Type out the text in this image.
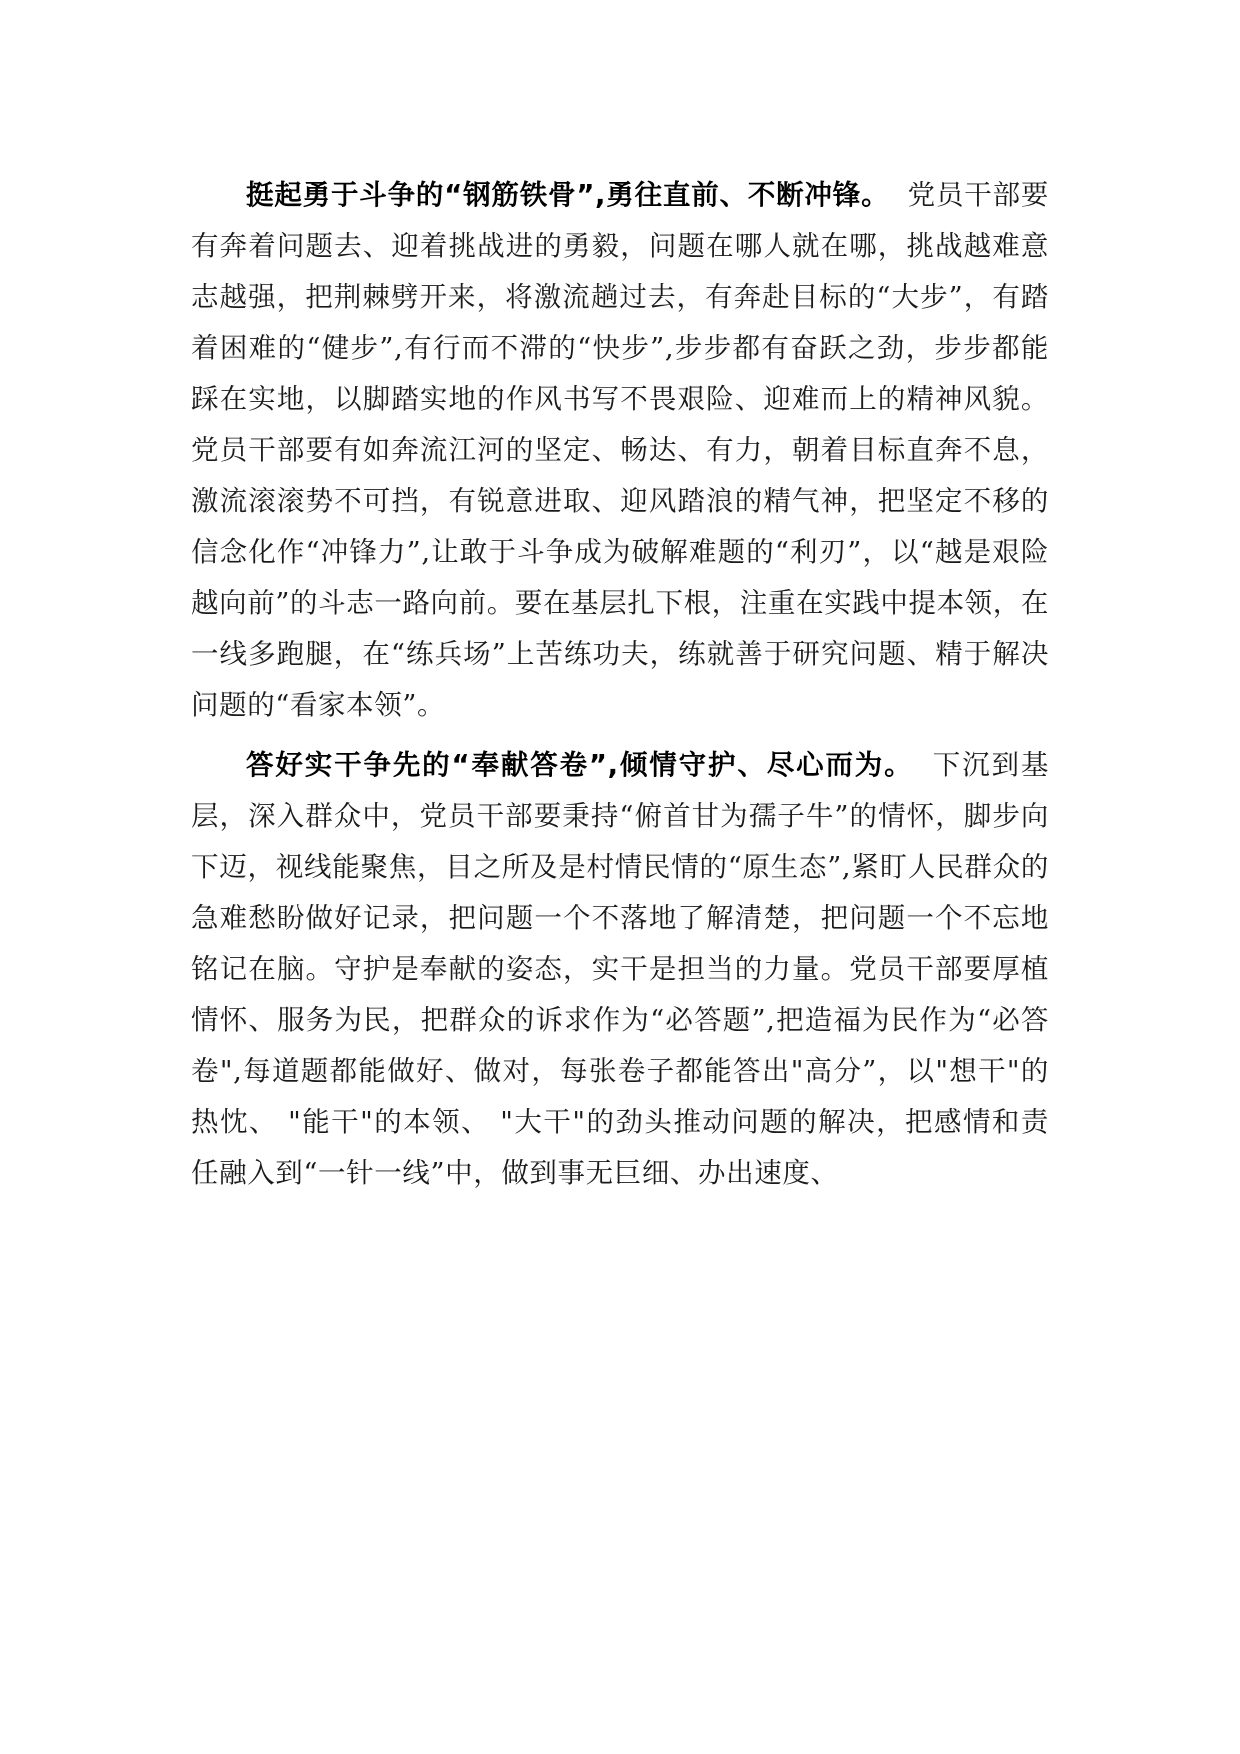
挺起勇于斗争的“钢筋铁骨”,勇往直前、不断冲锋。 党员干部要有奔着问题去、迎着挑战进的勇毅，问题在哪人就在哪，挑战越难意志越强，把荆棘劈开来，将激流趟过去，有奔赴目标的“大步”，有踏着困难的“健步”,有行而不滞的“快步”,步步都有奋跃之劲，步步都能踩在实地，以脚踏实地的作风书写不畏艰险、迎难而上的精神风貌。党员干部要有如奔流江河的坚定、畅达、有力，朝着目标直奔不息，激流滚滚势不可挡，有锐意进取、迎风踏浪的精气神，把坚定不移的信念化作“冲锋力”,让敢于斗争成为破解难题的“利刃”，以“越是艰险越向前”的斗志一路向前。要在基层扎下根，注重在实践中提本领，在一线多跑腿，在“练兵场”上苦练功夫，练就善于研究问题、精于解决问题的“看家本领”。

答好实干争先的“奉献答卷”,倾情守护、尽心而为。 下沉到基层，深入群众中，党员干部要秉持“俯首甘为孺子牛”的情怀，脚步向下迈，视线能聚焦，目之所及是村情民情的“原生态”,紧盯人民群众的急难愁盼做好记录，把问题一个不落地了解清楚，把问题一个不忘地铭记在脑。守护是奉献的姿态，实干是担当的力量。党员干部要厚植情怀、服务为民，把群众的诉求作为“必答题”,把造福为民作为“必答卷",每道题都能做好、做对，每张卷子都能答出"高分”，以"想干"的热忱、 "能干"的本领、 "大干"的劲头推动问题的解决，把感情和责任融入到“一针一线”中，做到事无巨细、办出速度、
